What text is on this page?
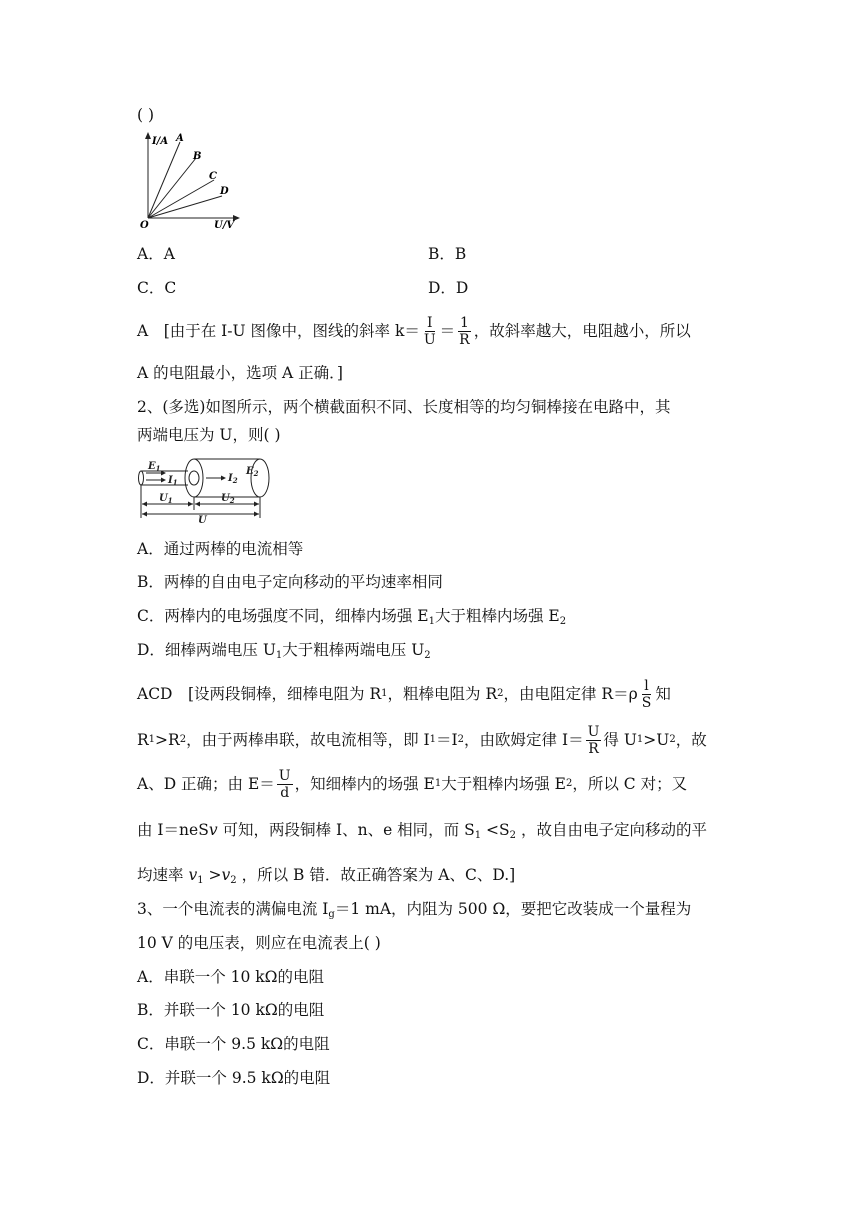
( )
I/A
U/V
O
A
B
C
D
A．A	B．B
C．C	D．D
A　[由于在 I-U 图像中，图线的斜率 $k= \frac{I}{U} = \frac{1}{R}$ ，故斜率越大，电阻越小，所以
A 的电阻最小，选项 A 正确．]
2、(多选)如图所示，两个横截面积不同、长度相等的均匀铜棒接在电路中，其
两端电压为 U，则( )
$E_1$
$I_1$	$I_2$
$E_2$
$U_1$	$U_2$
U
A．通过两棒的电流相等
B．两棒的自由电子定向移动的平均速率相同
C．两棒内的电场强度不同，细棒内场强 $E_1$大于粗棒内场强 $E_2$
D．细棒两端电压 $U_1$大于粗棒两端电压 $U_2$
ACD　[设两段铜棒，细棒电阻为 R 1 ，粗棒电阻为 R 2 ，由电阻定律 $R=\rho \frac{l}{S}$ 知
R 1 >R 2 ，由于两棒串联，故电流相等，即 I 1 ＝I 2 ，由欧姆定律 $I= \frac{U}{R}$ 得 U 1 >U 2 ，故
A、D 正确；由 $E= \frac{U}{d}$ ，知细棒内的场强 E 1 大于粗棒内场强 E 2 ，所以 C 对；又
由 I＝neSv 可知，两段铜棒 I、n、e 相同，而 $S_1 <S_2$ ，故自由电子定向移动的平
均速率 $v_1 >v_2$ ，所以 B 错．故正确答案为 A、C、D.]
3、一个电流表的满偏电流 $I_g=1$ mA，内阻为 500 Ω，要把它改装成一个量程为
10 V 的电压表，则应在电流表上( )
A．串联一个 10 kΩ的电阻
B．并联一个 10 kΩ的电阻
C．串联一个 9.5 kΩ的电阻
D．并联一个 9.5 kΩ的电阻
